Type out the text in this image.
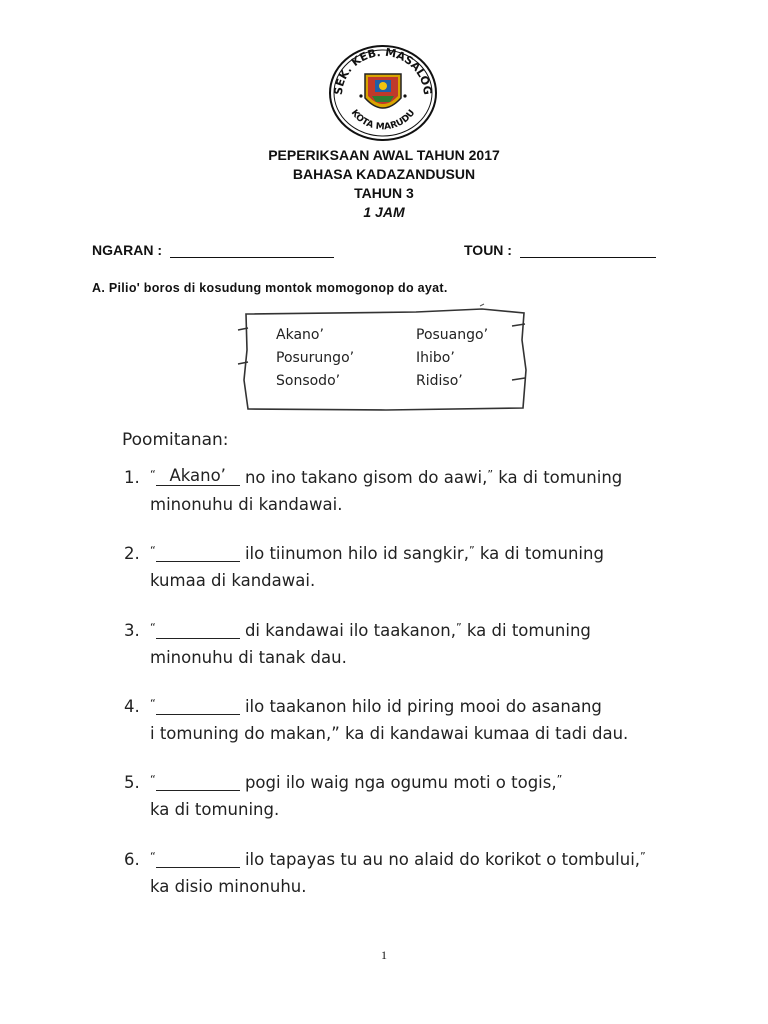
SEK. KEB. MASALOG
KOTA MARUDU
PEPERIKSAAN AWAL TAHUN 2017
BAHASA KADAZANDUSUN
TAHUN 3
1 JAM
NGARAN :	TOUN :
A. Pilio' boros di kosudung montok momogonop do ayat.
Akano’	Posuango’
Posurungo’	Ihibo’
Sonsodo’	Ridiso’
Poomitanan:
1. “ Akano’	no ino takano gisom do aawi,” ka di tomuning
minonuhu di kandawai.
2. “	ilo tiinumon hilo id sangkir,” ka di tomuning
kumaa di kandawai.
3. “	di kandawai ilo taakanon,” ka di tomuning
minonuhu di tanak dau.
4. “	ilo taakanon hilo id piring mooi do asanang
i tomuning do makan,” ka di kandawai kumaa di tadi dau.
5. “	pogi ilo waig nga ogumu moti o togis,”
ka di tomuning.
6. “	ilo tapayas tu au no alaid do korikot o tombului,”
ka disio minonuhu.
1
